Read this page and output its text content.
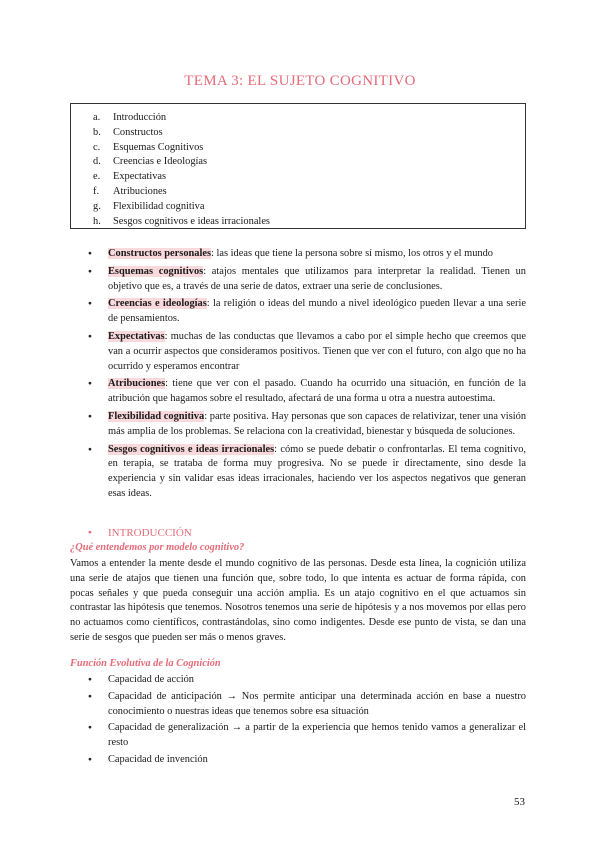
TEMA 3: EL SUJETO COGNITIVO
a.	Introducción
b.	Constructos
c.	Esquemas Cognitivos
d.	Creencias e Ideologías
e.	Expectativas
f.	Atribuciones
g.	Flexibilidad cognitiva
h.	Sesgos cognitivos e ideas irracionales
● Constructos personales: las ideas que tiene la persona sobre sí mismo, los otros y el mundo
● Esquemas cognitivos: atajos mentales que utilizamos para interpretar la realidad. Tienen un objetivo que es, a través de una serie de datos, extraer una serie de conclusiones.
● Creencias e ideologías: la religión o ideas del mundo a nivel ideológico pueden llevar a una serie de pensamientos.
● Expectativas: muchas de las conductas que llevamos a cabo por el simple hecho que creemos que van a ocurrir aspectos que consideramos positivos. Tienen que ver con el futuro, con algo que no ha ocurrido y esperamos encontrar
● Atribuciones: tiene que ver con el pasado. Cuando ha ocurrido una situación, en función de la atribución que hagamos sobre el resultado, afectará de una forma u otra a nuestra autoestima.
● Flexibilidad cognitiva: parte positiva. Hay personas que son capaces de relativizar, tener una visión más amplia de los problemas. Se relaciona con la creatividad, bienestar y búsqueda de soluciones.
● Sesgos cognitivos e ideas irracionales: cómo se puede debatir o confrontarlas. El tema cognitivo, en terapia, se trataba de forma muy progresiva. No se puede ir directamente, sino desde la experiencia y sin validar esas ideas irracionales, haciendo ver los aspectos negativos que generan esas ideas.
● INTRODUCCIÓN
¿Qué entendemos por modelo cognitivo?
Vamos a entender la mente desde el mundo cognitivo de las personas. Desde esta línea, la cognición utiliza una serie de atajos que tienen una función que, sobre todo, lo que intenta es actuar de forma rápida, con pocas señales y que pueda conseguir una acción amplia. Es un atajo cognitivo en el que actuamos sin contrastar las hipótesis que tenemos. Nosotros tenemos una serie de hipótesis y a nos movemos por ellas pero no actuamos como científicos, contrastándolas, sino como indigentes. Desde ese punto de vista, se dan una serie de sesgos que pueden ser más o menos graves.
Función Evolutiva de la Cognición
● Capacidad de acción
● Capacidad de anticipación → Nos permite anticipar una determinada acción en base a nuestro conocimiento o nuestras ideas que tenemos sobre esa situación
● Capacidad de generalización → a partir de la experiencia que hemos tenido vamos a generalizar el resto
● Capacidad de invención
53
